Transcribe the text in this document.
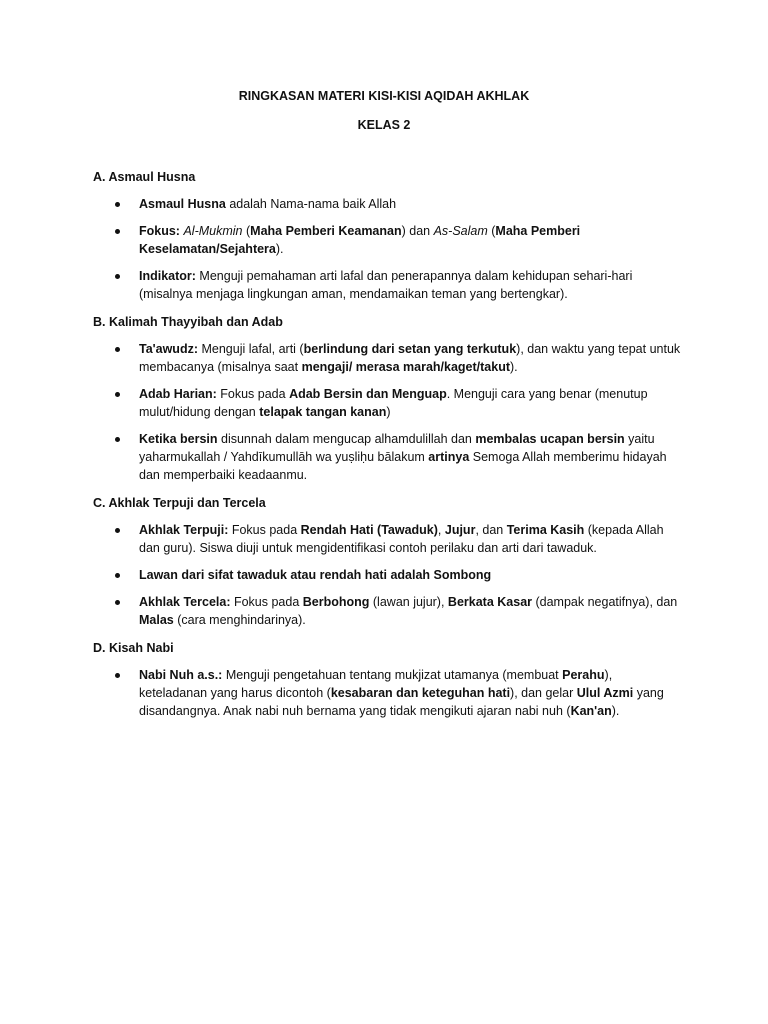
RINGKASAN MATERI KISI-KISI AQIDAH AKHLAK
KELAS 2

A. Asmaul Husna

Asmaul Husna adalah Nama-nama baik Allah
Fokus: Al-Mukmin (Maha Pemberi Keamanan) dan As-Salam (Maha Pemberi Keselamatan/Sejahtera).
Indikator: Menguji pemahaman arti lafal dan penerapannya dalam kehidupan sehari-hari (misalnya menjaga lingkungan aman, mendamaikan teman yang bertengkar).

B. Kalimah Thayyibah dan Adab

Ta'awudz: Menguji lafal, arti (berlindung dari setan yang terkutuk), dan waktu yang tepat untuk membacanya (misalnya saat mengaji/ merasa marah/kaget/takut).
Adab Harian: Fokus pada Adab Bersin dan Menguap. Menguji cara yang benar (menutup mulut/hidung dengan telapak tangan kanan)
Ketika bersin disunnah dalam mengucap alhamdulillah dan membalas ucapan bersin yaitu yaharmukallah / Yahdīkumullāh wa yuṣliḥu bālakum artinya Semoga Allah memberimu hidayah dan memperbaiki keadaanmu.

C. Akhlak Terpuji dan Tercela

Akhlak Terpuji: Fokus pada Rendah Hati (Tawaduk), Jujur, dan Terima Kasih (kepada Allah dan guru). Siswa diuji untuk mengidentifikasi contoh perilaku dan arti dari tawaduk.
Lawan dari sifat tawaduk atau rendah hati adalah Sombong
Akhlak Tercela: Fokus pada Berbohong (lawan jujur), Berkata Kasar (dampak negatifnya), dan Malas (cara menghindarinya).

D. Kisah Nabi

Nabi Nuh a.s.: Menguji pengetahuan tentang mukjizat utamanya (membuat Perahu), keteladanan yang harus dicontoh (kesabaran dan keteguhan hati), dan gelar Ulul Azmi yang disandangnya. Anak nabi nuh bernama yang tidak mengikuti ajaran nabi nuh (Kan'an).
